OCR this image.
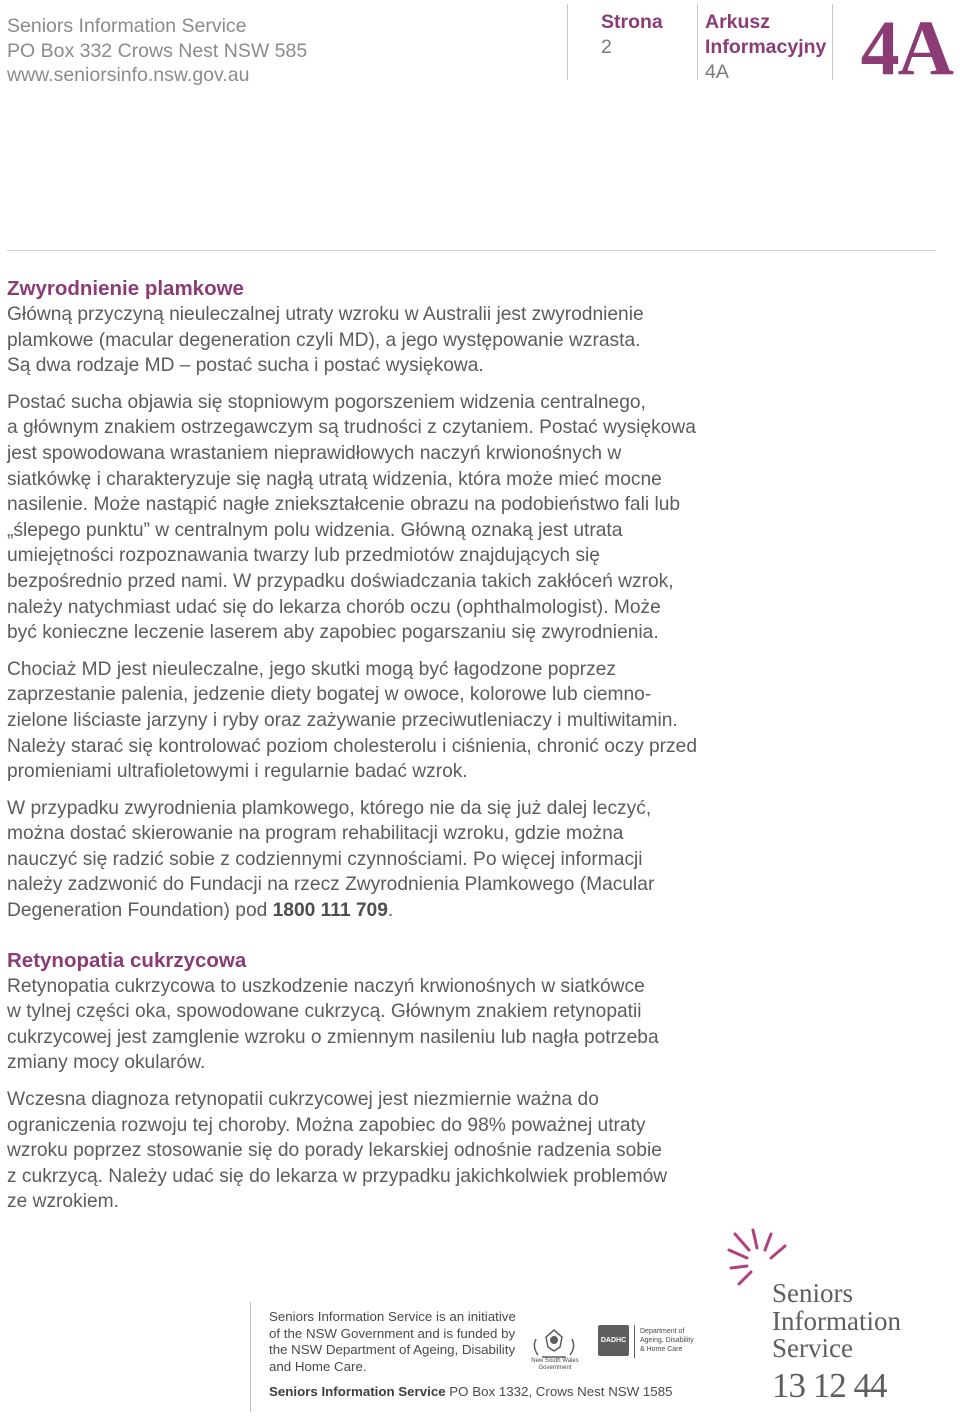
Seniors Information Service
PO Box 332 Crows Nest NSW 585
www.seniorsinfo.nsw.gov.au
Strona
2
Arkusz
Informacyjny
4A	4A
Zwyrodnienie plamkowe

Główną przyczyną nieuleczalnej utraty wzroku w Australii jest zwyrodnienie
plamkowe (macular degeneration czyli MD), a jego występowanie wzrasta.
Są dwa rodzaje MD – postać sucha i postać wysiękowa.

Postać sucha objawia się stopniowym pogorszeniem widzenia centralnego,
a głównym znakiem ostrzegawczym są trudności z czytaniem. Postać wysiękowa
jest spowodowana wrastaniem nieprawidłowych naczyń krwionośnych w
siatkówkę i charakteryzuje się nagłą utratą widzenia, która może mieć mocne
nasilenie. Może nastąpić nagłe zniekształcenie obrazu na podobieństwo fali lub
„ślepego punktu” w centralnym polu widzenia. Główną oznaką jest utrata
umiejętności rozpoznawania twarzy lub przedmiotów znajdujących się
bezpośrednio przed nami. W przypadku doświadczania takich zakłóceń wzrok,
należy natychmiast udać się do lekarza chorób oczu (ophthalmologist). Może
być konieczne leczenie laserem aby zapobiec pogarszaniu się zwyrodnienia.

Chociaż MD jest nieuleczalne, jego skutki mogą być łagodzone poprzez
zaprzestanie palenia, jedzenie diety bogatej w owoce, kolorowe lub ciemno-
zielone liściaste jarzyny i ryby oraz zażywanie przeciwutleniaczy i multiwitamin.
Należy starać się kontrolować poziom cholesterolu i ciśnienia, chronić oczy przed
promieniami ultrafioletowymi i regularnie badać wzrok.

W przypadku zwyrodnienia plamkowego, którego nie da się już dalej leczyć,
można dostać skierowanie na program rehabilitacji wzroku, gdzie można
nauczyć się radzić sobie z codziennymi czynnościami. Po więcej informacji
należy zadzwonić do Fundacji na rzecz Zwyrodnienia Plamkowego (Macular
Degeneration Foundation) pod 1800 111 709.

Retynopatia cukrzycowa

Retynopatia cukrzycowa to uszkodzenie naczyń krwionośnych w siatkówce
w tylnej części oka, spowodowane cukrzycą. Głównym znakiem retynopatii
cukrzycowej jest zamglenie wzroku o zmiennym nasileniu lub nagła potrzeba
zmiany mocy okularów.

Wczesna diagnoza retynopatii cukrzycowej jest niezmiernie ważna do
ograniczenia rozwoju tej choroby. Można zapobiec do 98% poważnej utraty
wzroku poprzez stosowanie się do porady lekarskiej odnośnie radzenia sobie
z cukrzycą. Należy udać się do lekarza w przypadku jakichkolwiek problemów
ze wzrokiem.

Seniors Information Service is an initiative of the NSW Government and is funded by the NSW Department of Ageing, Disability and Home Care.
Seniors Information Service PO Box 1332, Crows Nest NSW 1585
New South Wales Government
DADHC
Department of Ageing, Disability & Home Care
Seniors
Information
Service
13 12 44
